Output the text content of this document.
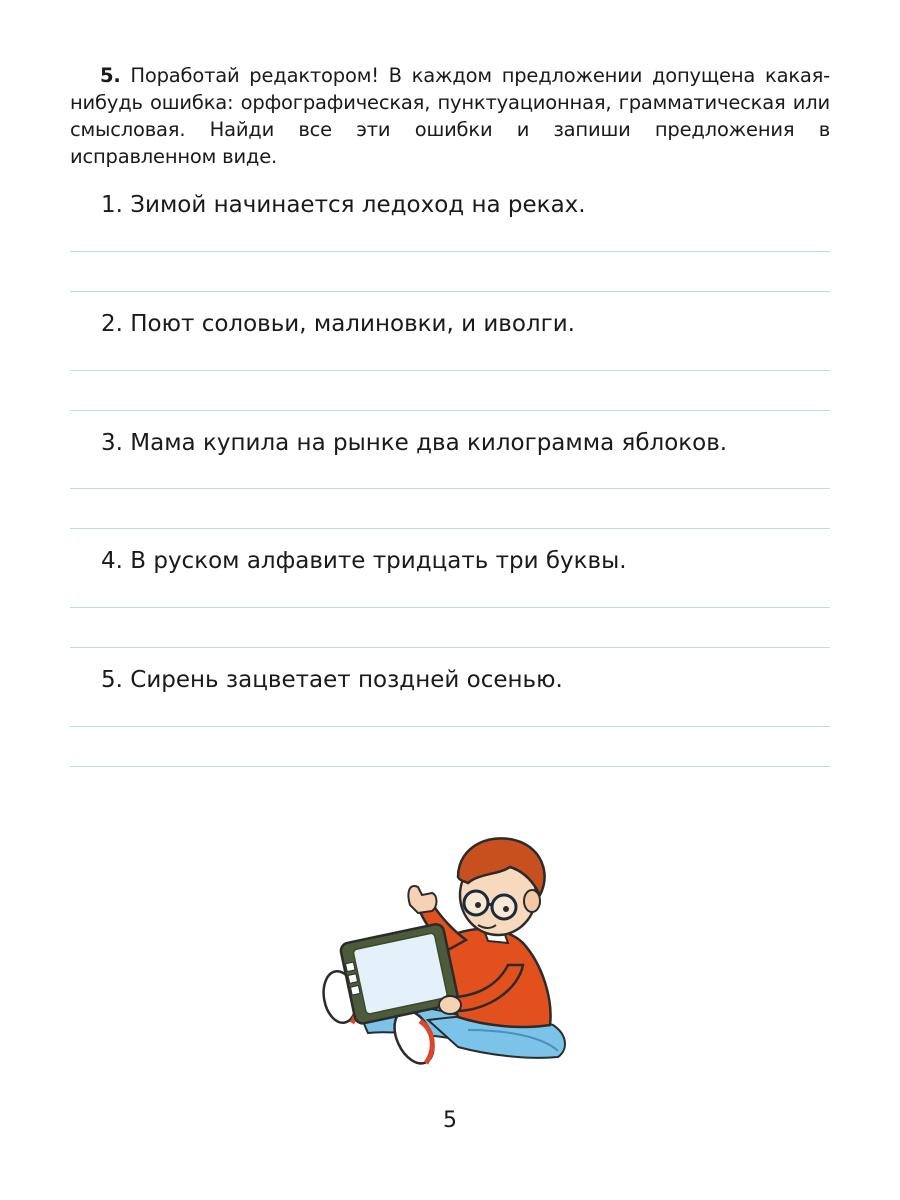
5. Поработай редактором! В каждом предложении допущена какая-нибудь ошибка: орфографическая, пунктуационная, грамматическая или смысловая. Найди все эти ошибки и запиши предложения в исправленном виде.
1. Зимой начинается ледоход на реках.
2. Поют соловьи, малиновки, и иволги.
3. Мама купила на рынке два килограмма яблоков.
4. В руском алфавите тридцать три буквы.
5. Сирень зацветает поздней осенью.
5
